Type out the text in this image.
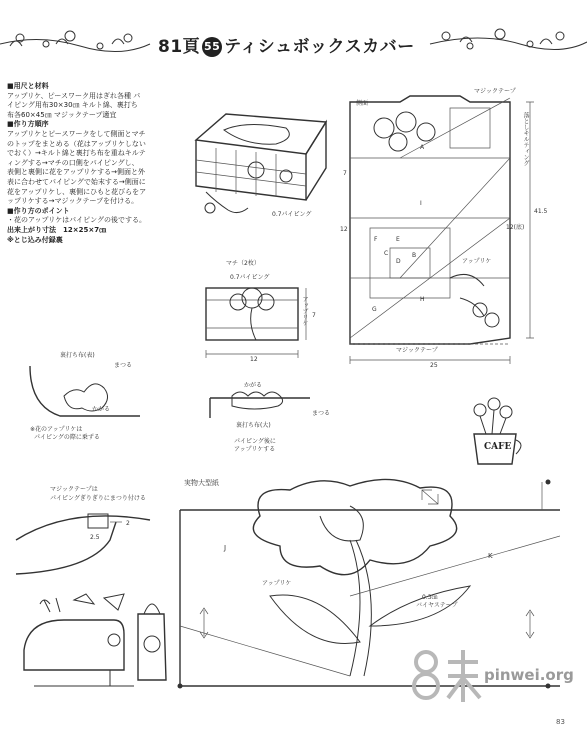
81頁 55 ティシュボックスカバー
■用尺と材料
アップリケ、ピースワーク用はぎれ各種 パ
イピング用布30×30㎝ キルト綿、裏打ち
布各60×45㎝ マジックテープ適宜
■作り方順序
アップリケとピースワークをして側面とマチ
のトップをまとめる（花はアップリケしない
でおく）→キルト綿と裏打ち布を重ねキルテ
ィングする→マチの口側をパイピングし、
表側と裏側に花をアップリケする→側面と外
表に合わせてパイピングで始末する→側面に
花をアップリケし、裏側にひもと花びらをア
ップリケする→マジックテープを付ける。
■作り方のポイント
・花のアップリケはパイピングの後でする。
出来上がり寸法　 12×25×7㎝
※とじ込み付録裏
0.7パイピング
マジックテープ
側面
落としキルティング
41.5
12(底)
12
7
25
アップリケ
マジックテープ
A
B
C
D
E
F
G
H
I
マチ（2枚）
0.7パイピング
12
7
アップリケ
裏打ち布(表)
まつる
かがる
※花のアップリケは
パイピングの際に乗ずる
かがる
まつる
裏打ち布(大)
パイピング後に
アップリケする	CAFE
マジックテープは
パイピングぎりぎりにまつり付ける
2
2.5
実物大型紙
J
K
アップリケ
0.3㎝
バイヤステープ
pinwei.org
83
